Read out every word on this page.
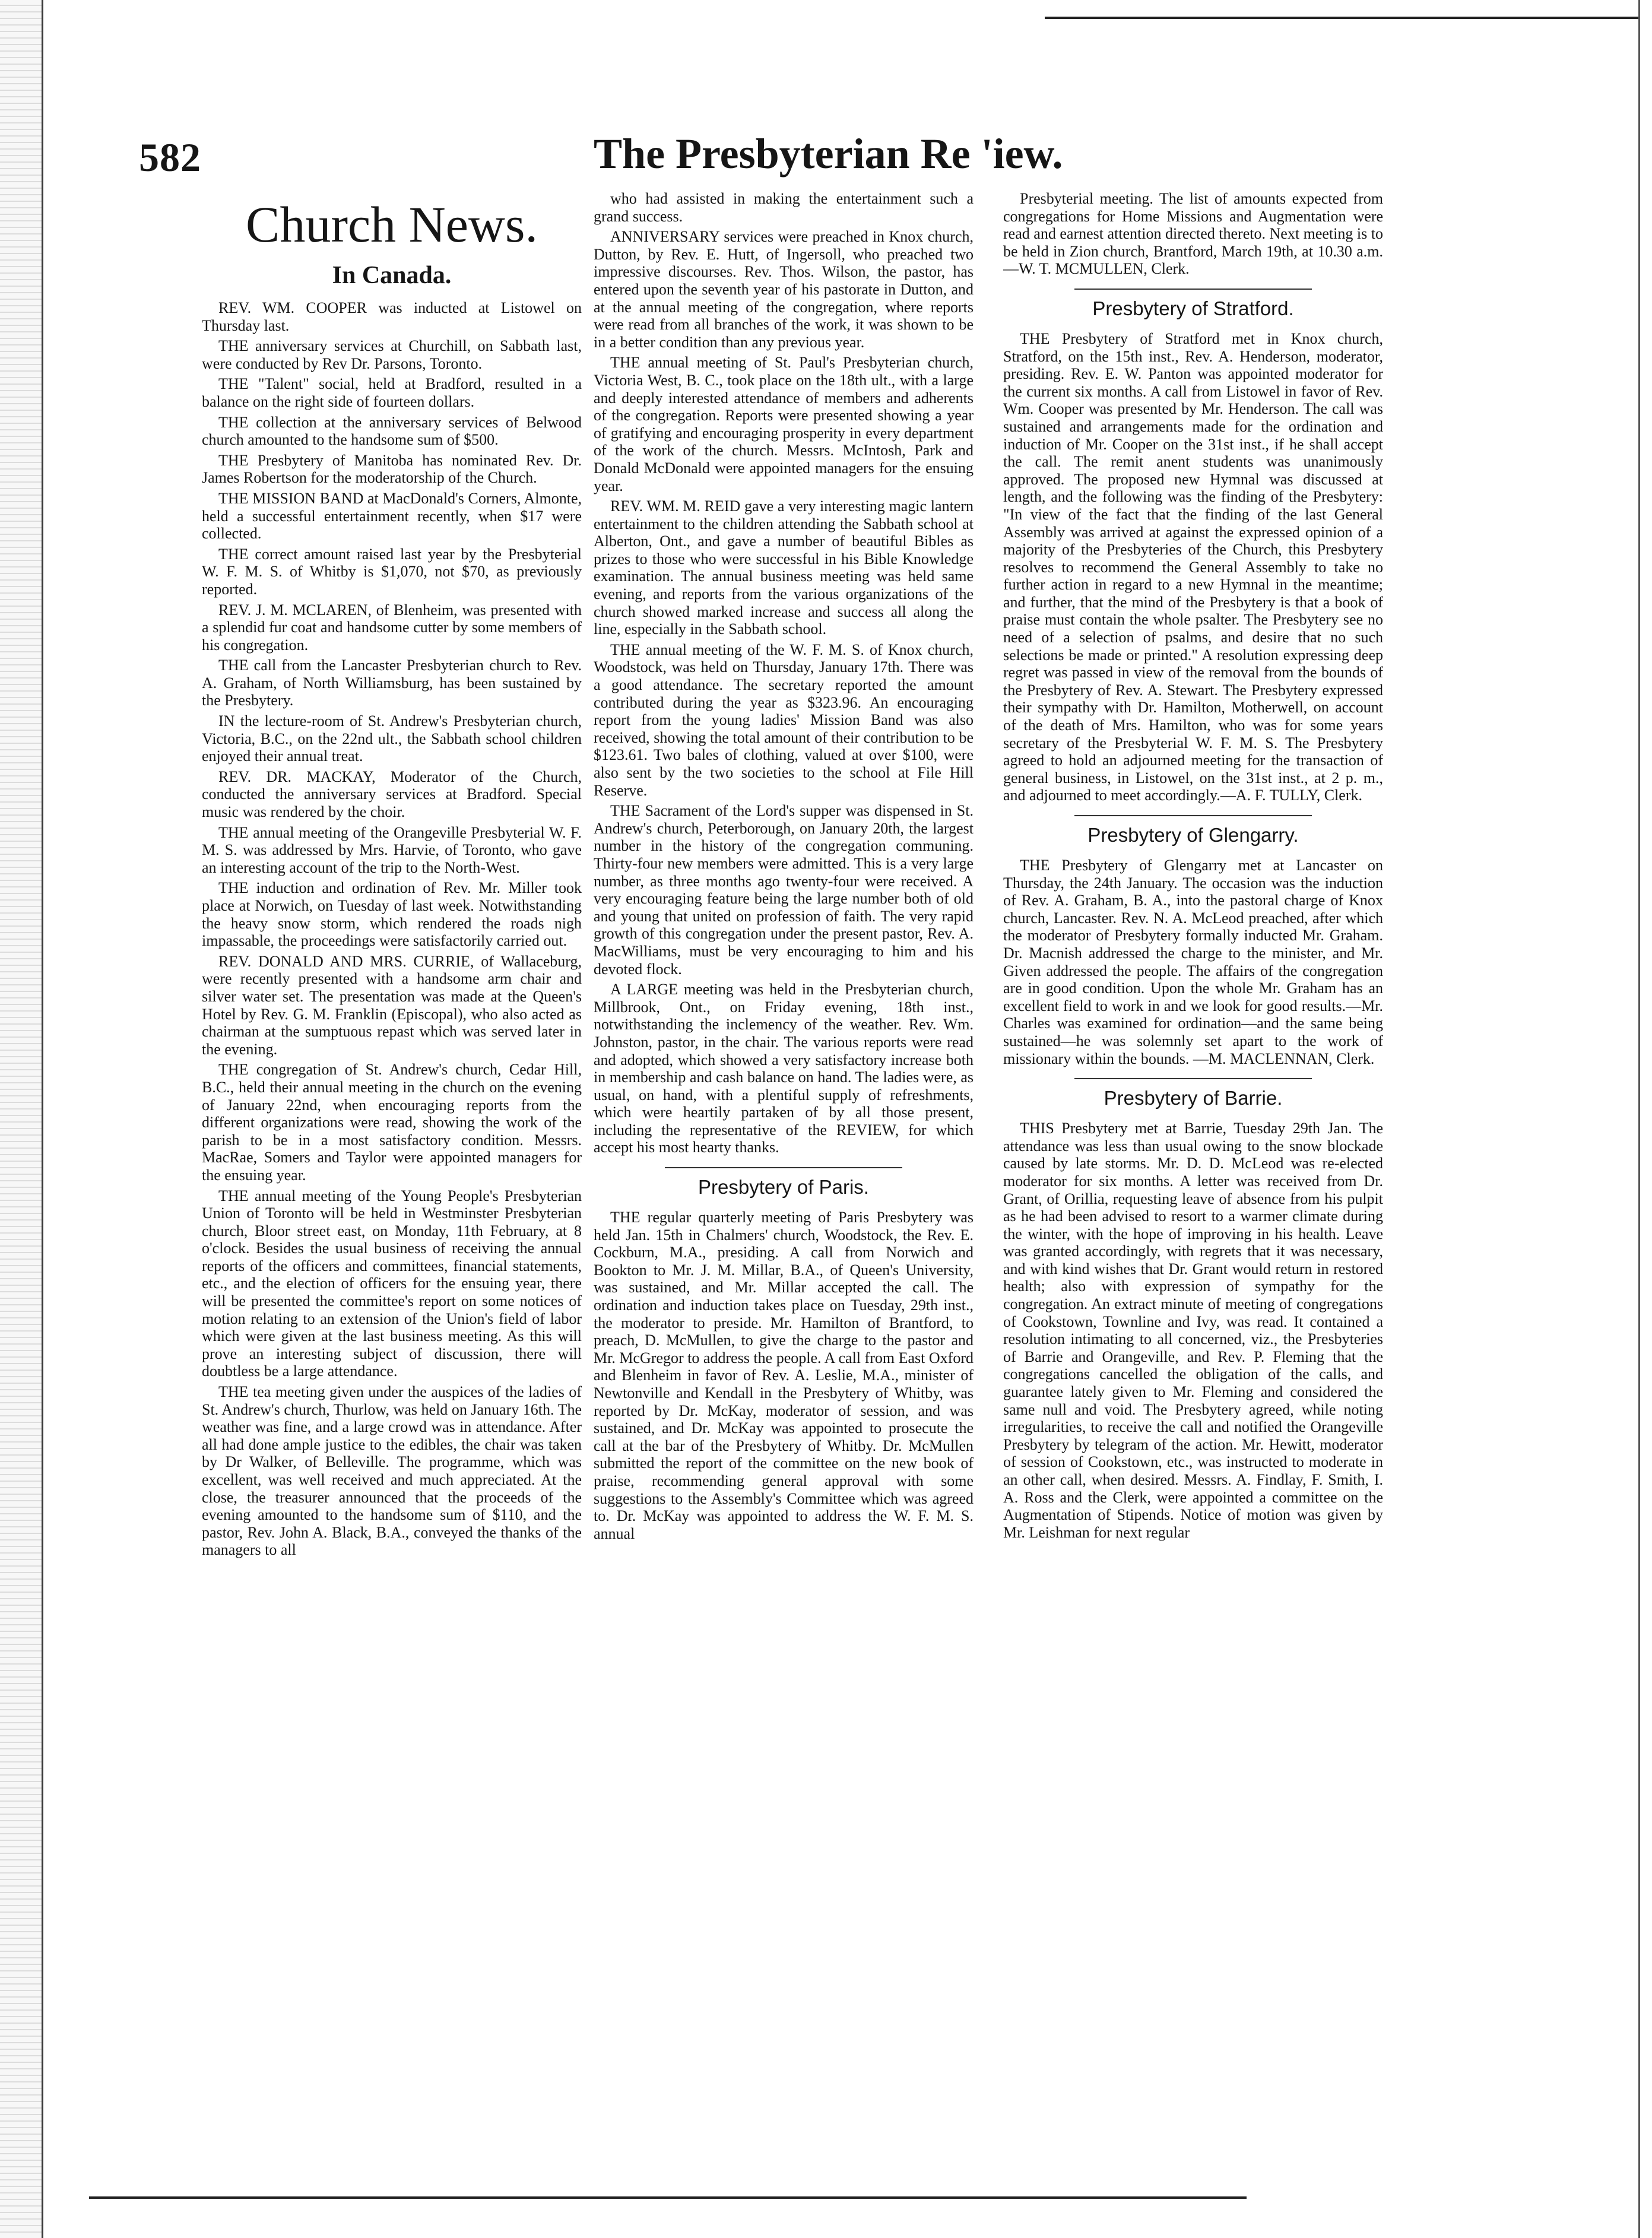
582	The Presbyterian Re 'iew.
Church News.
In Canada.

REV. WM. COOPER was inducted at Listowel on Thursday last.

THE anniversary services at Churchill, on Sabbath last, were conducted by Rev Dr. Parsons, Toronto.

THE "Talent" social, held at Bradford, resulted in a balance on the right side of fourteen dollars.

THE collection at the anniversary services of Belwood church amounted to the handsome sum of $500.

THE Presbytery of Manitoba has nominated Rev. Dr. James Robertson for the moderatorship of the Church.

THE MISSION BAND at MacDonald's Corners, Almonte, held a successful entertainment recently, when $17 were collected.

THE correct amount raised last year by the Presbyterial W. F. M. S. of Whitby is $1,070, not $70, as previously reported.

REV. J. M. MCLAREN, of Blenheim, was presented with a splendid fur coat and handsome cutter by some members of his congregation.

THE call from the Lancaster Presbyterian church to Rev. A. Graham, of North Williamsburg, has been sustained by the Presbytery.

IN the lecture-room of St. Andrew's Presbyterian church, Victoria, B.C., on the 22nd ult., the Sabbath school children enjoyed their annual treat.

REV. DR. MACKAY, Moderator of the Church, conducted the anniversary services at Bradford. Special music was rendered by the choir.

THE annual meeting of the Orangeville Presbyterial W. F. M. S. was addressed by Mrs. Harvie, of Toronto, who gave an interesting account of the trip to the North-West.

THE induction and ordination of Rev. Mr. Miller took place at Norwich, on Tuesday of last week. Notwithstanding the heavy snow storm, which rendered the roads nigh impassable, the proceedings were satisfactorily carried out.

REV. DONALD AND MRS. CURRIE, of Wallaceburg, were recently presented with a handsome arm chair and silver water set. The presentation was made at the Queen's Hotel by Rev. G. M. Franklin (Episcopal), who also acted as chairman at the sumptuous repast which was served later in the evening.

THE congregation of St. Andrew's church, Cedar Hill, B.C., held their annual meeting in the church on the evening of January 22nd, when encouraging reports from the different organizations were read, showing the work of the parish to be in a most satisfactory condition. Messrs. MacRae, Somers and Taylor were appointed managers for the ensuing year.

THE annual meeting of the Young People's Presbyterian Union of Toronto will be held in Westminster Presbyterian church, Bloor street east, on Monday, 11th February, at 8 o'clock. Besides the usual business of receiving the annual reports of the officers and committees, financial statements, etc., and the election of officers for the ensuing year, there will be presented the committee's report on some notices of motion relating to an extension of the Union's field of labor which were given at the last business meeting. As this will prove an interesting subject of discussion, there will doubtless be a large attendance.

THE tea meeting given under the auspices of the ladies of St. Andrew's church, Thurlow, was held on January 16th. The weather was fine, and a large crowd was in attendance. After all had done ample justice to the edibles, the chair was taken by Dr Walker, of Belleville. The programme, which was excellent, was well received and much appreciated. At the close, the treasurer announced that the proceeds of the evening amounted to the handsome sum of $110, and the pastor, Rev. John A. Black, B.A., conveyed the thanks of the managers to all

who had assisted in making the entertainment such a grand success.

ANNIVERSARY services were preached in Knox church, Dutton, by Rev. E. Hutt, of Ingersoll, who preached two impressive discourses. Rev. Thos. Wilson, the pastor, has entered upon the seventh year of his pastorate in Dutton, and at the annual meeting of the congregation, where reports were read from all branches of the work, it was shown to be in a better condition than any previous year.

THE annual meeting of St. Paul's Presbyterian church, Victoria West, B. C., took place on the 18th ult., with a large and deeply interested attendance of members and adherents of the congregation. Reports were presented showing a year of gratifying and encouraging prosperity in every department of the work of the church. Messrs. McIntosh, Park and Donald McDonald were appointed managers for the ensuing year.

REV. WM. M. REID gave a very interesting magic lantern entertainment to the children attending the Sabbath school at Alberton, Ont., and gave a number of beautiful Bibles as prizes to those who were successful in his Bible Knowledge examination. The annual business meeting was held same evening, and reports from the various organizations of the church showed marked increase and success all along the line, especially in the Sabbath school.

THE annual meeting of the W. F. M. S. of Knox church, Woodstock, was held on Thursday, January 17th. There was a good attendance. The secretary reported the amount contributed during the year as $323.96. An encouraging report from the young ladies' Mission Band was also received, showing the total amount of their contribution to be $123.61. Two bales of clothing, valued at over $100, were also sent by the two societies to the school at File Hill Reserve.

THE Sacrament of the Lord's supper was dispensed in St. Andrew's church, Peterborough, on January 20th, the largest number in the history of the congregation communing. Thirty-four new members were admitted. This is a very large number, as three months ago twenty-four were received. A very encouraging feature being the large number both of old and young that united on profession of faith. The very rapid growth of this congregation under the present pastor, Rev. A. MacWilliams, must be very encouraging to him and his devoted flock.

A LARGE meeting was held in the Presbyterian church, Millbrook, Ont., on Friday evening, 18th inst., notwithstanding the inclemency of the weather. Rev. Wm. Johnston, pastor, in the chair. The various reports were read and adopted, which showed a very satisfactory increase both in membership and cash balance on hand. The ladies were, as usual, on hand, with a plentiful supply of refreshments, which were heartily partaken of by all those present, including the representative of the REVIEW, for which accept his most hearty thanks.

Presbytery of Paris.

THE regular quarterly meeting of Paris Presbytery was held Jan. 15th in Chalmers' church, Woodstock, the Rev. E. Cockburn, M.A., presiding. A call from Norwich and Bookton to Mr. J. M. Millar, B.A., of Queen's University, was sustained, and Mr. Millar accepted the call. The ordination and induction takes place on Tuesday, 29th inst., the moderator to preside. Mr. Hamilton of Brantford, to preach, D. McMullen, to give the charge to the pastor and Mr. McGregor to address the people. A call from East Oxford and Blenheim in favor of Rev. A. Leslie, M.A., minister of Newtonville and Kendall in the Presbytery of Whitby, was reported by Dr. McKay, moderator of session, and was sustained, and Dr. McKay was appointed to prosecute the call at the bar of the Presbytery of Whitby. Dr. McMullen submitted the report of the committee on the new book of praise, recommending general approval with some suggestions to the Assembly's Committee which was agreed to. Dr. McKay was appointed to address the W. F. M. S. annual

Presbyterial meeting. The list of amounts expected from congregations for Home Missions and Augmentation were read and earnest attention directed thereto. Next meeting is to be held in Zion church, Brantford, March 19th, at 10.30 a.m.—W. T. MCMULLEN, Clerk.

Presbytery of Stratford.

THE Presbytery of Stratford met in Knox church, Stratford, on the 15th inst., Rev. A. Henderson, moderator, presiding. Rev. E. W. Panton was appointed moderator for the current six months. A call from Listowel in favor of Rev. Wm. Cooper was presented by Mr. Henderson. The call was sustained and arrangements made for the ordination and induction of Mr. Cooper on the 31st inst., if he shall accept the call. The remit anent students was unanimously approved. The proposed new Hymnal was discussed at length, and the following was the finding of the Presbytery: "In view of the fact that the finding of the last General Assembly was arrived at against the expressed opinion of a majority of the Presbyteries of the Church, this Presbytery resolves to recommend the General Assembly to take no further action in regard to a new Hymnal in the meantime; and further, that the mind of the Presbytery is that a book of praise must contain the whole psalter. The Presbytery see no need of a selection of psalms, and desire that no such selections be made or printed." A resolution expressing deep regret was passed in view of the removal from the bounds of the Presbytery of Rev. A. Stewart. The Presbytery expressed their sympathy with Dr. Hamilton, Motherwell, on account of the death of Mrs. Hamilton, who was for some years secretary of the Presbyterial W. F. M. S. The Presbytery agreed to hold an adjourned meeting for the transaction of general business, in Listowel, on the 31st inst., at 2 p. m., and adjourned to meet accordingly.—A. F. TULLY, Clerk.

Presbytery of Glengarry.

THE Presbytery of Glengarry met at Lancaster on Thursday, the 24th January. The occasion was the induction of Rev. A. Graham, B. A., into the pastoral charge of Knox church, Lancaster. Rev. N. A. McLeod preached, after which the moderator of Presbytery formally inducted Mr. Graham. Dr. Macnish addressed the charge to the minister, and Mr. Given addressed the people. The affairs of the congregation are in good condition. Upon the whole Mr. Graham has an excellent field to work in and we look for good results.—Mr. Charles was examined for ordination—and the same being sustained—he was solemnly set apart to the work of missionary within the bounds. —M. MACLENNAN, Clerk.

Presbytery of Barrie.

THIS Presbytery met at Barrie, Tuesday 29th Jan. The attendance was less than usual owing to the snow blockade caused by late storms. Mr. D. D. McLeod was re-elected moderator for six months. A letter was received from Dr. Grant, of Orillia, requesting leave of absence from his pulpit as he had been advised to resort to a warmer climate during the winter, with the hope of improving in his health. Leave was granted accordingly, with regrets that it was necessary, and with kind wishes that Dr. Grant would return in restored health; also with expression of sympathy for the congregation. An extract minute of meeting of congregations of Cookstown, Townline and Ivy, was read. It contained a resolution intimating to all concerned, viz., the Presbyteries of Barrie and Orangeville, and Rev. P. Fleming that the congregations cancelled the obligation of the calls, and guarantee lately given to Mr. Fleming and considered the same null and void. The Presbytery agreed, while noting irregularities, to receive the call and notified the Orangeville Presbytery by telegram of the action. Mr. Hewitt, moderator of session of Cookstown, etc., was instructed to moderate in an other call, when desired. Messrs. A. Findlay, F. Smith, I. A. Ross and the Clerk, were appointed a committee on the Augmentation of Stipends. Notice of motion was given by Mr. Leishman for next regular
